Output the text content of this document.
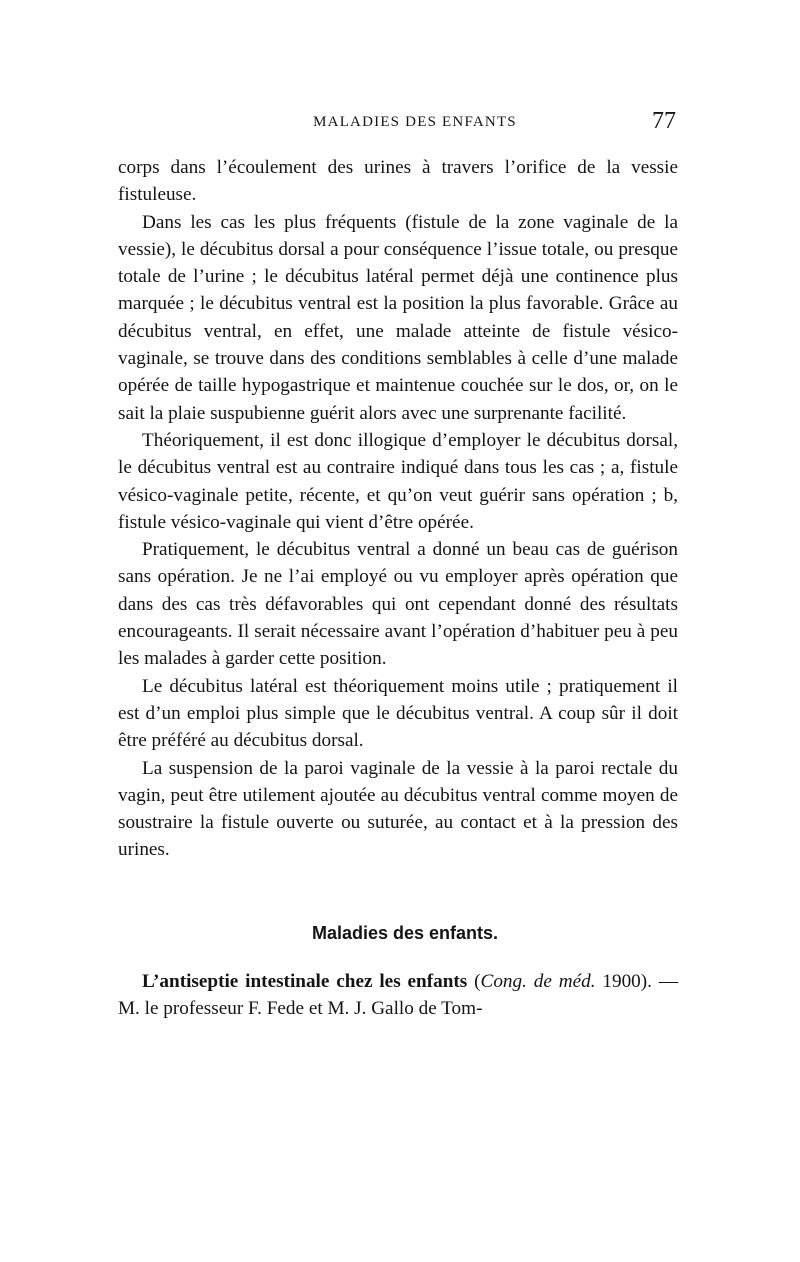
MALADIES DES ENFANTS	77

corps dans l’écoulement des urines à travers l’orifice de la vessie fistuleuse.

Dans les cas les plus fréquents (fistule de la zone vaginale de la vessie), le décubitus dorsal a pour conséquence l’issue totale, ou presque totale de l’urine ; le décubitus latéral permet déjà une continence plus marquée ; le décubitus ventral est la position la plus favorable. Grâce au décubitus ventral, en effet, une malade atteinte de fistule vésico-vaginale, se trouve dans des conditions semblables à celle d’une malade opérée de taille hypogastrique et maintenue couchée sur le dos, or, on le sait la plaie suspubienne guérit alors avec une surprenante facilité.

Théoriquement, il est donc illogique d’employer le décubitus dorsal, le décubitus ventral est au contraire indiqué dans tous les cas ; a, fistule vésico-vaginale petite, récente, et qu’on veut guérir sans opération ; b, fistule vésico-vaginale qui vient d’être opérée.

Pratiquement, le décubitus ventral a donné un beau cas de guérison sans opération. Je ne l’ai employé ou vu employer après opération que dans des cas très défavorables qui ont cependant donné des résultats encourageants. Il serait nécessaire avant l’opération d’habituer peu à peu les malades à garder cette position.

Le décubitus latéral est théoriquement moins utile ; pratiquement il est d’un emploi plus simple que le décubitus ventral. A coup sûr il doit être préféré au décubitus dorsal.

La suspension de la paroi vaginale de la vessie à la paroi rectale du vagin, peut être utilement ajoutée au décubitus ventral comme moyen de soustraire la fistule ouverte ou suturée, au contact et à la pression des urines.

Maladies des enfants.

L’antiseptie intestinale chez les enfants (Cong. de méd. 1900). — M. le professeur F. Fede et M. J. Gallo de Tom-
